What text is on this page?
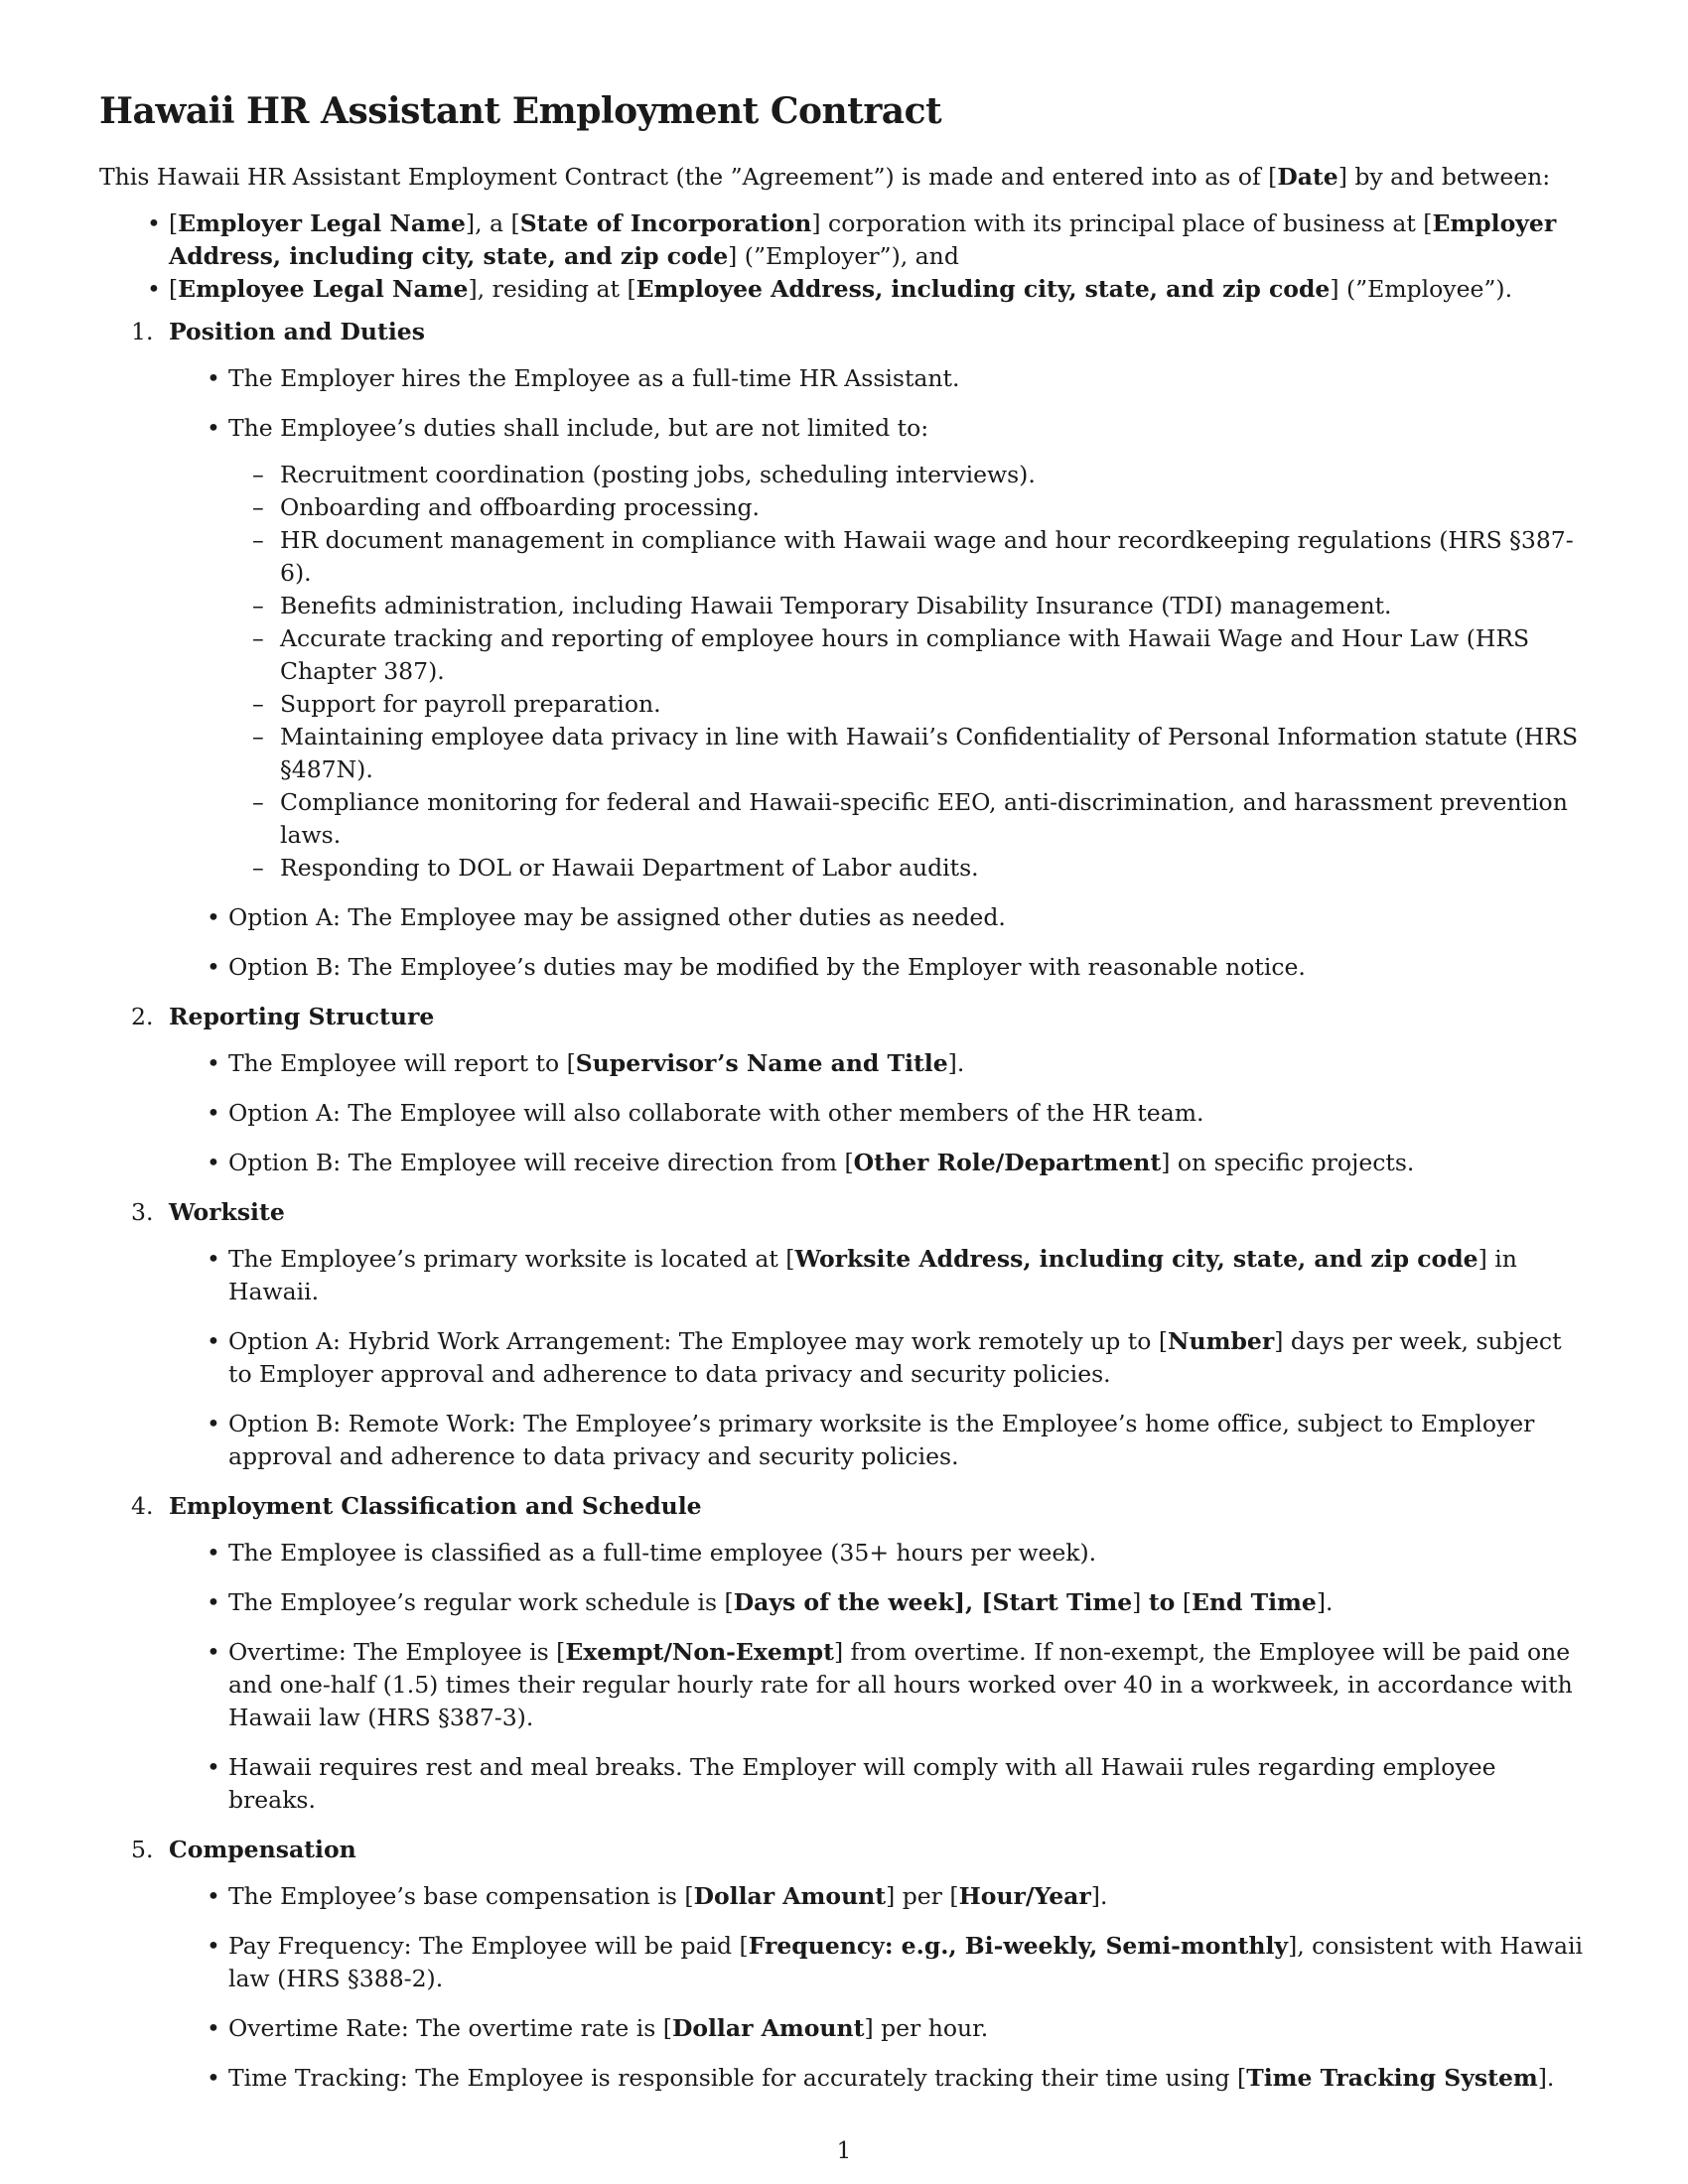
Hawaii HR Assistant Employment Contract
This Hawaii HR Assistant Employment Contract (the ”Agreement”) is made and entered into as of [Date] by and between:
• [Employer Legal Name], a [State of Incorporation] corporation with its principal place of business at [Employer Address, including city, state, and zip code] (”Employer”), and
• [Employee Legal Name], residing at [Employee Address, including city, state, and zip code] (”Employee”).
1. Position and Duties
• The Employer hires the Employee as a full-time HR Assistant.
• The Employee’s duties shall include, but are not limited to:
– Recruitment coordination (posting jobs, scheduling interviews).
– Onboarding and offboarding processing.
– HR document management in compliance with Hawaii wage and hour recordkeeping regulations (HRS §387-6).
– Benefits administration, including Hawaii Temporary Disability Insurance (TDI) management.
– Accurate tracking and reporting of employee hours in compliance with Hawaii Wage and Hour Law (HRS Chapter 387).
– Support for payroll preparation.
– Maintaining employee data privacy in line with Hawaii’s Confidentiality of Personal Information statute (HRS §487N).
– Compliance monitoring for federal and Hawaii-specific EEO, anti-discrimination, and harassment prevention laws.
– Responding to DOL or Hawaii Department of Labor audits.
• Option A: The Employee may be assigned other duties as needed.
• Option B: The Employee’s duties may be modified by the Employer with reasonable notice.
2. Reporting Structure
• The Employee will report to [Supervisor’s Name and Title].
• Option A: The Employee will also collaborate with other members of the HR team.
• Option B: The Employee will receive direction from [Other Role/Department] on specific projects.
3. Worksite
• The Employee’s primary worksite is located at [Worksite Address, including city, state, and zip code] in Hawaii.
• Option A: Hybrid Work Arrangement: The Employee may work remotely up to [Number] days per week, subject to Employer approval and adherence to data privacy and security policies.
• Option B: Remote Work: The Employee’s primary worksite is the Employee’s home office, subject to Employer approval and adherence to data privacy and security policies.
4. Employment Classification and Schedule
• The Employee is classified as a full-time employee (35+ hours per week).
• The Employee’s regular work schedule is [Days of the week], [Start Time] to [End Time].
• Overtime: The Employee is [Exempt/Non-Exempt] from overtime. If non-exempt, the Employee will be paid one and one-half (1.5) times their regular hourly rate for all hours worked over 40 in a workweek, in accordance with Hawaii law (HRS §387-3).
• Hawaii requires rest and meal breaks. The Employer will comply with all Hawaii rules regarding employee breaks.
5. Compensation
• The Employee’s base compensation is [Dollar Amount] per [Hour/Year].
• Pay Frequency: The Employee will be paid [Frequency: e.g., Bi-weekly, Semi-monthly], consistent with Hawaii law (HRS §388-2).
• Overtime Rate: The overtime rate is [Dollar Amount] per hour.
• Time Tracking: The Employee is responsible for accurately tracking their time using [Time Tracking System].
1
